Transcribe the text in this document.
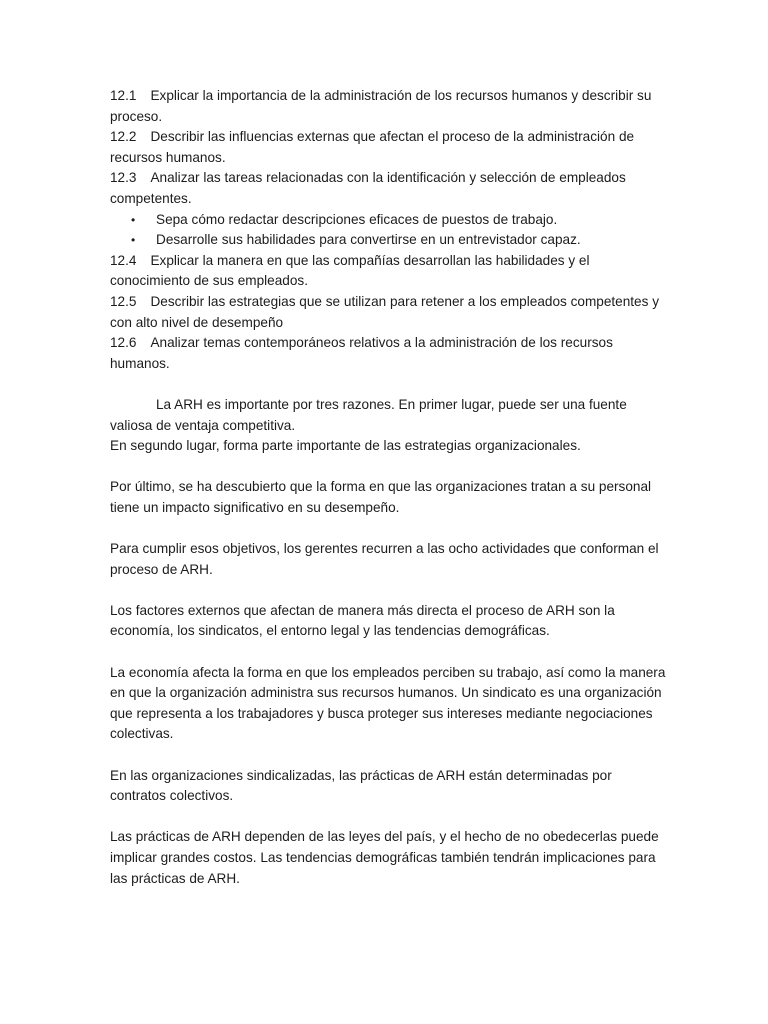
12.1 Explicar la importancia de la administración de los recursos humanos y describir su proceso.

12.2 Describir las influencias externas que afectan el proceso de la administración de recursos humanos.

12.3 Analizar las tareas relacionadas con la identificación y selección de empleados competentes.

• Sepa cómo redactar descripciones eficaces de puestos de trabajo.
• Desarrolle sus habilidades para convertirse en un entrevistador capaz.

12.4 Explicar la manera en que las compañías desarrollan las habilidades y el conocimiento de sus empleados.

12.5 Describir las estrategias que se utilizan para retener a los empleados competentes y con alto nivel de desempeño

12.6 Analizar temas contemporáneos relativos a la administración de los recursos humanos.

La ARH es importante por tres razones. En primer lugar, puede ser una fuente valiosa de ventaja competitiva.

En segundo lugar, forma parte importante de las estrategias organizacionales.

Por último, se ha descubierto que la forma en que las organizaciones tratan a su personal tiene un impacto significativo en su desempeño.

Para cumplir esos objetivos, los gerentes recurren a las ocho actividades que conforman el proceso de ARH.

Los factores externos que afectan de manera más directa el proceso de ARH son la economía, los sindicatos, el entorno legal y las tendencias demográficas.

La economía afecta la forma en que los empleados perciben su trabajo, así como la manera en que la organización administra sus recursos humanos. Un sindicato es una organización que representa a los trabajadores y busca proteger sus intereses mediante negociaciones colectivas.

En las organizaciones sindicalizadas, las prácticas de ARH están determinadas por contratos colectivos.

Las prácticas de ARH dependen de las leyes del país, y el hecho de no obedecerlas puede implicar grandes costos. Las tendencias demográficas también tendrán implicaciones para las prácticas de ARH.
